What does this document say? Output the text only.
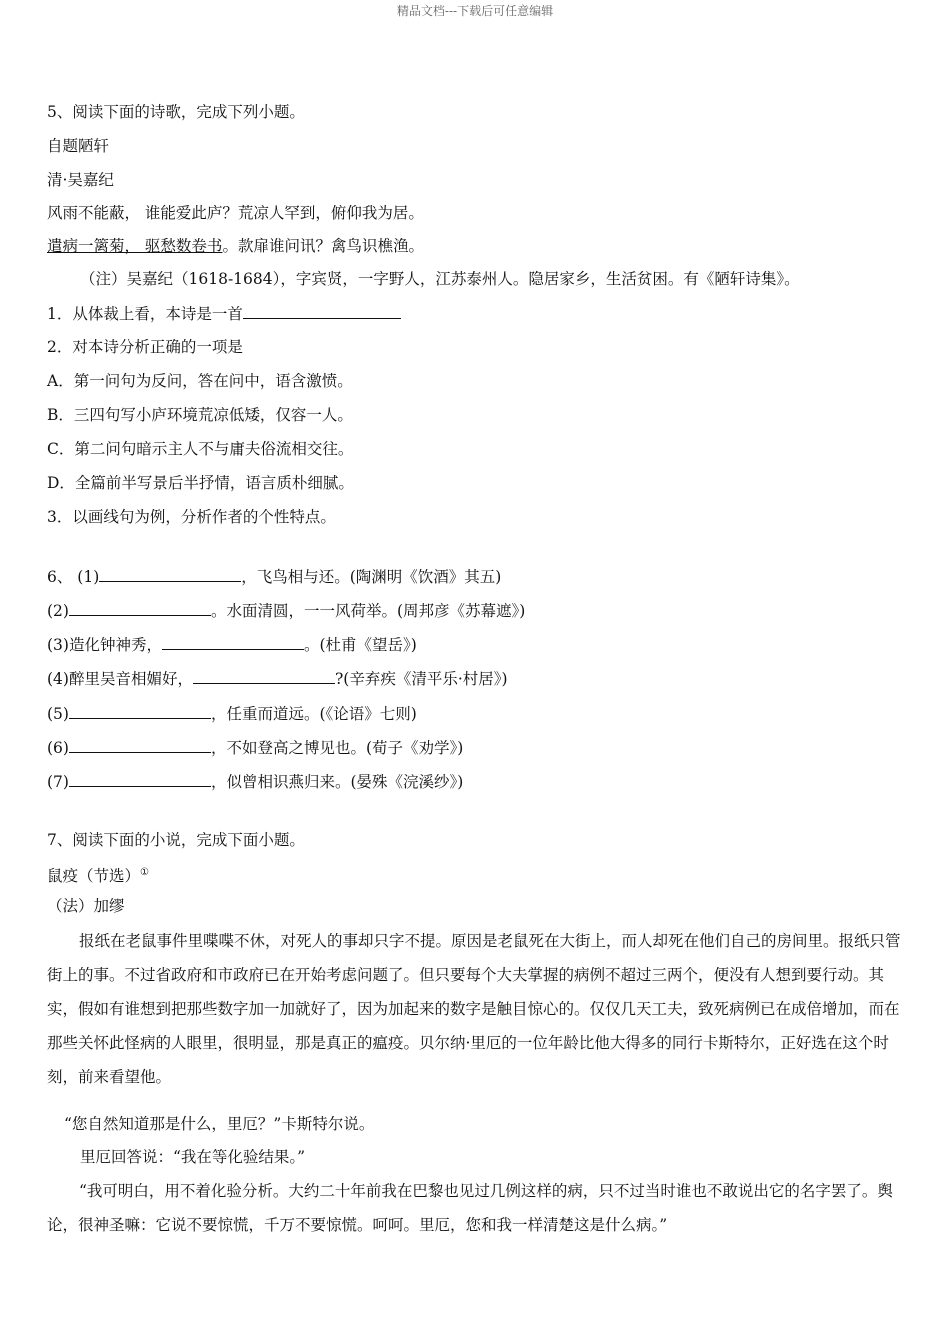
精品文档---下载后可任意编辑
5、阅读下面的诗歌，完成下列小题。
自题陋轩
清·吴嘉纪
风雨不能蔽， 谁能爱此庐？荒凉人罕到，俯仰我为居。
遣病一篱菊， 驱愁数卷书。款扉谁问讯？禽鸟识樵渔。
（注）吴嘉纪（1618-1684），字宾贤，一字野人，江苏泰州人。隐居家乡，生活贫困。有《陋轩诗集》。
1．从体裁上看，本诗是一首
2．对本诗分析正确的一项是
A．第一问句为反问，答在问中，语含激愤。
B．三四句写小庐环境荒凉低矮，仅容一人。
C．第二问句暗示主人不与庸夫俗流相交往。
D．全篇前半写景后半抒情，语言质朴细腻。
3．以画线句为例，分析作者的个性特点。
6、 (1)	，飞鸟相与还。(陶渊明《饮酒》其五)
(2)	。水面清圆，一一风荷举。(周邦彦《苏幕遮》)
(3)造化钟神秀，	。(杜甫《望岳》)
(4)醉里吴音相媚好，	?(辛弃疾《清平乐·村居》)
(5)	，任重而道远。(《论语》七则)
(6)	，不如登高之博见也。(荀子《劝学》)
(7)	，似曾相识燕归来。(晏殊《浣溪纱》)
7、阅读下面的小说，完成下面小题。
鼠疫（节选）①
（法）加缪
报纸在老鼠事件里喋喋不休，对死人的事却只字不提。原因是老鼠死在大街上，而人却死在他们自己的房间里。报纸只管街上的事。不过省政府和市政府已在开始考虑问题了。但只要每个大夫掌握的病例不超过三两个，便没有人想到要行动。其实，假如有谁想到把那些数字加一加就好了，因为加起来的数字是触目惊心的。仅仅几天工夫，致死病例已在成倍增加，而在那些关怀此怪病的人眼里，很明显，那是真正的瘟疫。贝尔纳·里厄的一位年龄比他大得多的同行卡斯特尔，正好选在这个时刻，前来看望他。
“您自然知道那是什么，里厄？”卡斯特尔说。
里厄回答说：“我在等化验结果。”
“我可明白，用不着化验分析。大约二十年前我在巴黎也见过几例这样的病，只不过当时谁也不敢说出它的名字罢了。舆论，很神圣嘛：它说不要惊慌，千万不要惊慌。呵呵。里厄，您和我一样清楚这是什么病。”
